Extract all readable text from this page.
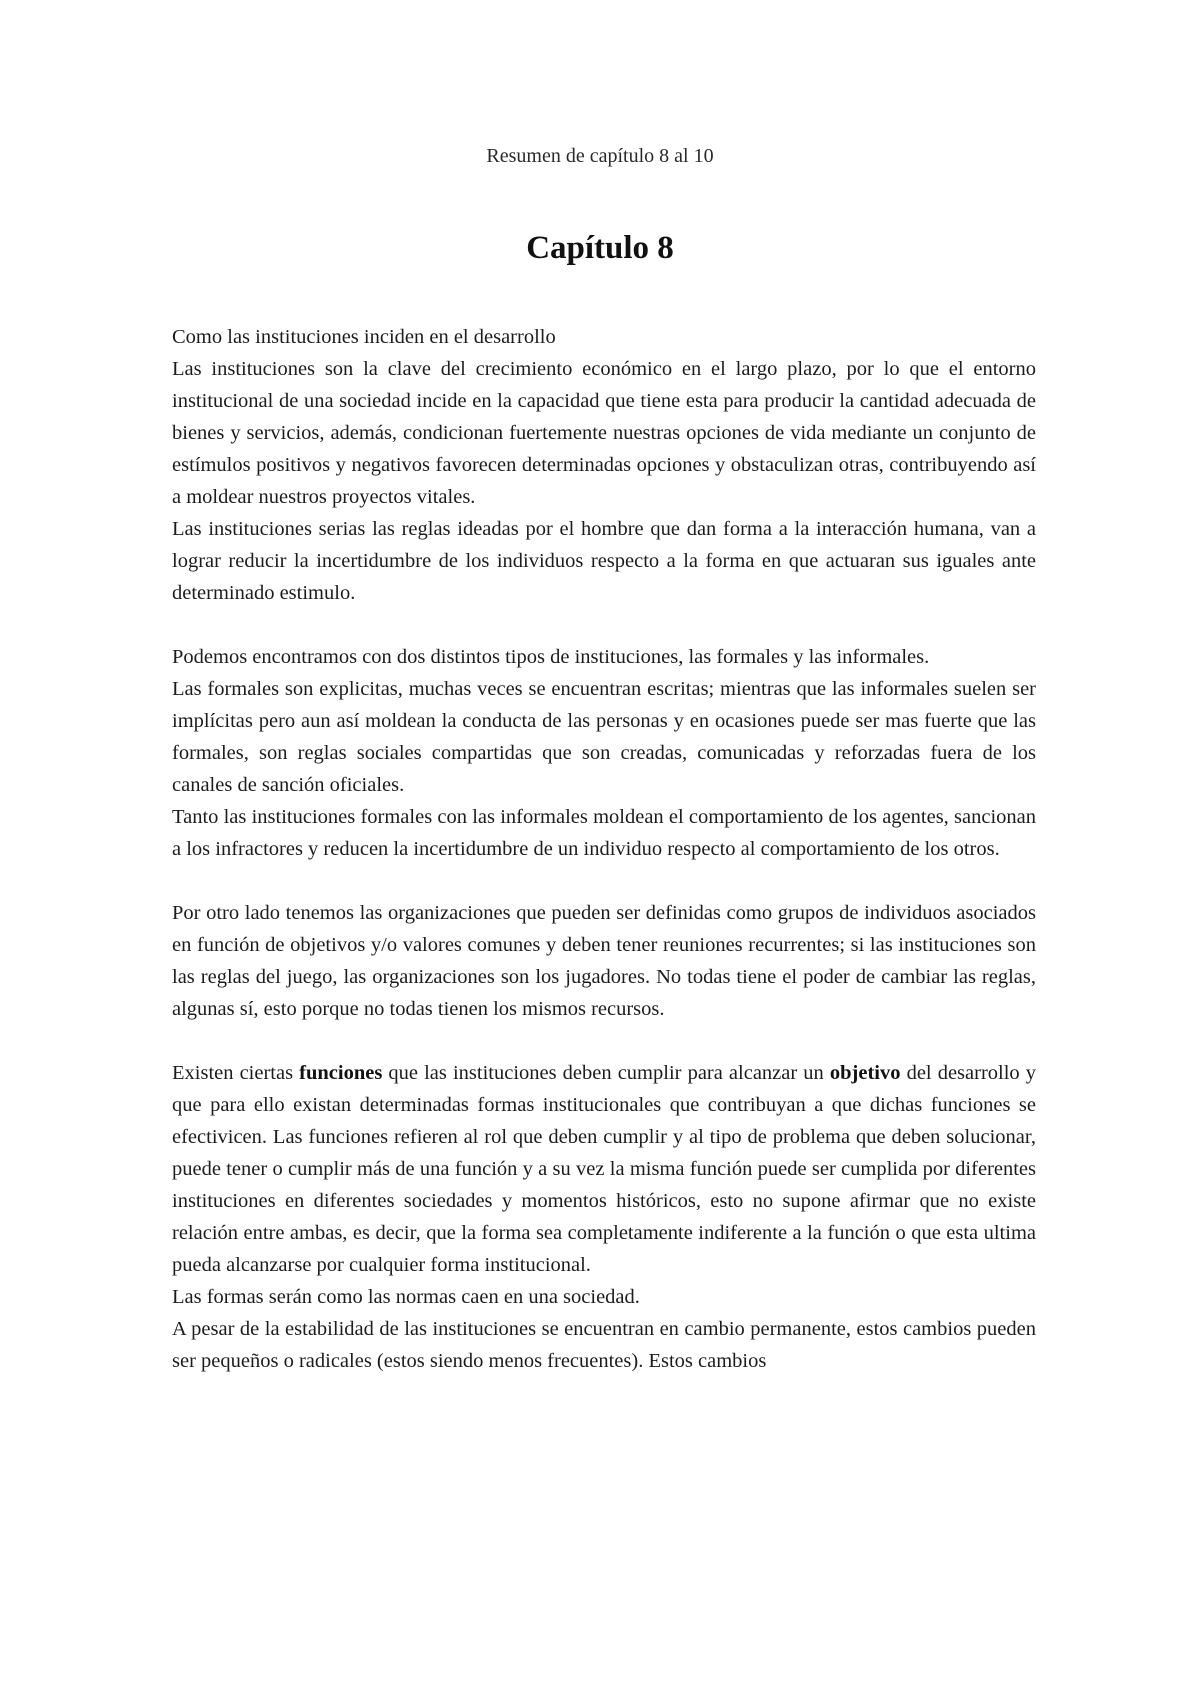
Resumen de capítulo 8 al 10
Capítulo 8

Como las instituciones inciden en el desarrollo

Las instituciones son la clave del crecimiento económico en el largo plazo, por lo que el entorno institucional de una sociedad incide en la capacidad que tiene esta para producir la cantidad adecuada de bienes y servicios, además, condicionan fuertemente nuestras opciones de vida mediante un conjunto de estímulos positivos y negativos favorecen determinadas opciones y obstaculizan otras, contribuyendo así a moldear nuestros proyectos vitales.

Las instituciones serias las reglas ideadas por el hombre que dan forma a la interacción humana, van a lograr reducir la incertidumbre de los individuos respecto a la forma en que actuaran sus iguales ante determinado estimulo.

Podemos encontramos con dos distintos tipos de instituciones, las formales y las informales.

Las formales son explicitas, muchas veces se encuentran escritas; mientras que las informales suelen ser implícitas pero aun así moldean la conducta de las personas y en ocasiones puede ser mas fuerte que las formales, son reglas sociales compartidas que son creadas, comunicadas y reforzadas fuera de los canales de sanción oficiales.

Tanto las instituciones formales con las informales moldean el comportamiento de los agentes, sancionan a los infractores y reducen la incertidumbre de un individuo respecto al comportamiento de los otros.

Por otro lado tenemos las organizaciones que pueden ser definidas como grupos de individuos asociados en función de objetivos y/o valores comunes y deben tener reuniones recurrentes; si las instituciones son las reglas del juego, las organizaciones son los jugadores. No todas tiene el poder de cambiar las reglas, algunas sí, esto porque no todas tienen los mismos recursos.

Existen ciertas funciones que las instituciones deben cumplir para alcanzar un objetivo del desarrollo y que para ello existan determinadas formas institucionales que contribuyan a que dichas funciones se efectivicen. Las funciones refieren al rol que deben cumplir y al tipo de problema que deben solucionar, puede tener o cumplir más de una función y a su vez la misma función puede ser cumplida por diferentes instituciones en diferentes sociedades y momentos históricos, esto no supone afirmar que no existe relación entre ambas, es decir, que la forma sea completamente indiferente a la función o que esta ultima pueda alcanzarse por cualquier forma institucional.

Las formas serán como las normas caen en una sociedad.

A pesar de la estabilidad de las instituciones se encuentran en cambio permanente, estos cambios pueden ser pequeños o radicales (estos siendo menos frecuentes). Estos cambios
